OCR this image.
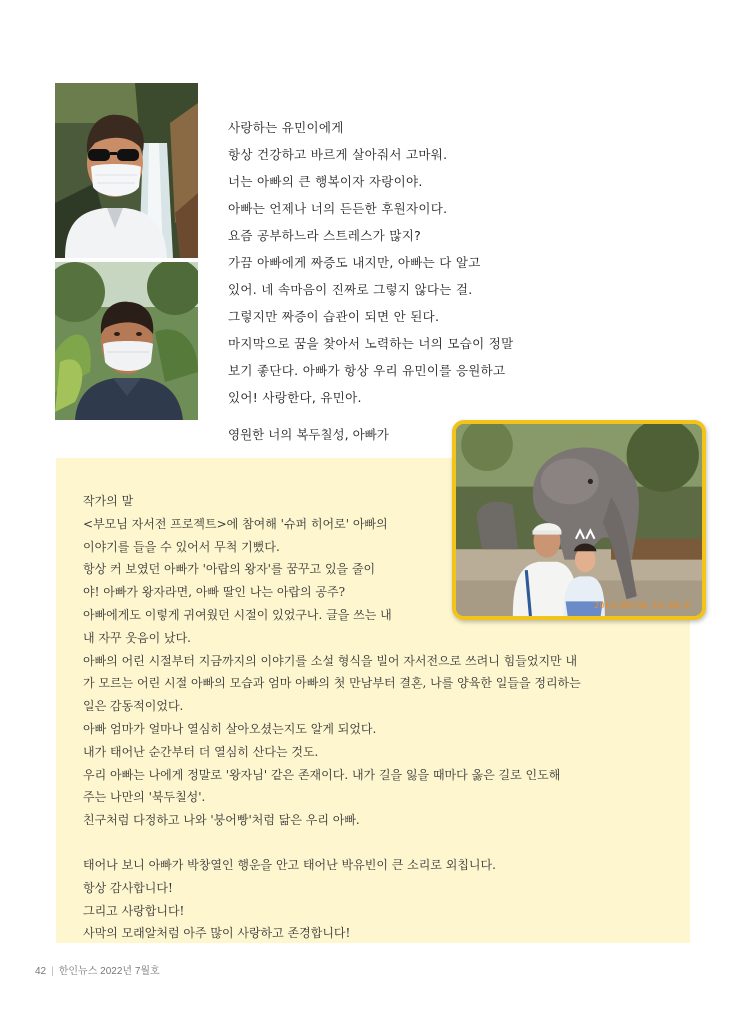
사랑하는 유민이에게
항상 건강하고 바르게 살아줘서 고마워.
너는 아빠의 큰 행복이자 자랑이야.
아빠는 언제나 너의 든든한 후원자이다.
요즘 공부하느라 스트레스가 많지?
가끔 아빠에게 짜증도 내지만, 아빠는 다 알고
있어. 네 속마음이 진짜로 그렇지 않다는 걸.
그렇지만 짜증이 습관이 되면 안 된다.
마지막으로 꿈을 찾아서 노력하는 너의 모습이 정말
보기 좋단다. 아빠가 항상 우리 유민이를 응원하고
있어! 사랑한다, 유민아.
영원한 너의 복두칠성, 아빠가
작가의 말
<부모님 자서전 프로젝트>에 참여해 '슈퍼 히어로' 아빠의
이야기를 들을 수 있어서 무척 기뻤다.
항상 커 보였던 아빠가 '아랍의 왕자'를 꿈꾸고 있을 줄이
야! 아빠가 왕자라면, 아빠 딸인 나는 아랍의 공주?
아빠에게도 이렇게 귀여웠던 시절이 있었구나. 글을 쓰는 내
내 자꾸 웃음이 났다.
아빠의 어린 시절부터 지금까지의 이야기를 소설 형식을 빌어 자서전으로 쓰려니 힘들었지만 내
가 모르는 어린 시절 아빠의 모습과 엄마 아빠의 첫 만남부터 결혼, 나를 양육한 일들을 정리하는
일은 감동적이었다.
아빠 엄마가 얼마나 열심히 살아오셨는지도 알게 되었다.
내가 태어난 순간부터 더 열심히 산다는 것도.
우리 아빠는 나에게 정말로 '왕자님' 같은 존재이다. 내가 길을 잃을 때마다 옳은 길로 인도해
주는 나만의 '북두칠성'.
친구처럼 다정하고 나와 '붕어빵'처럼 닮은 우리 아빠.
태어나 보니 아빠가 박창열인 행운을 안고 태어난 박유빈이 큰 소리로 외칩니다.
항상 감사합니다!
그리고 사랑합니다!
사막의 모래알처럼 아주 많이 사랑하고 존경합니다!
2011/09/30 19:09:0
42 | 한인뉴스 2022년 7월호
